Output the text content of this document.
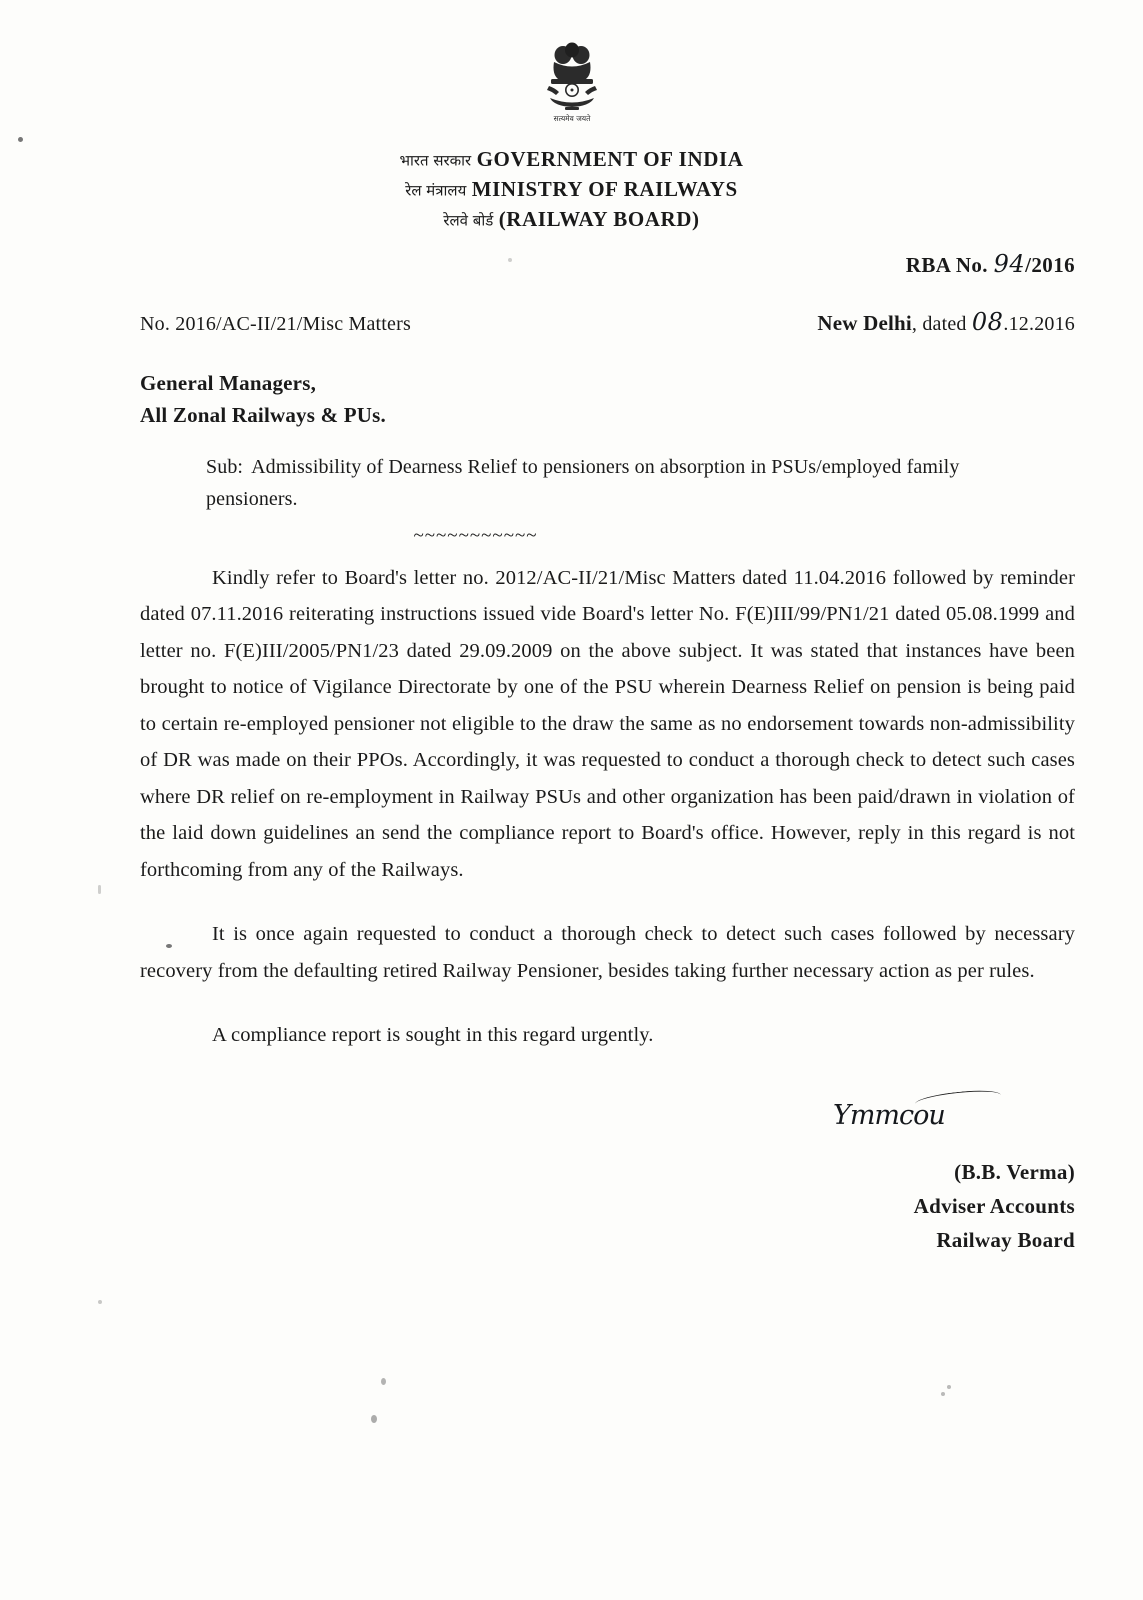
सत्यमेव जयते
भारत सरकार GOVERNMENT OF INDIA
रेल मंत्रालय MINISTRY OF RAILWAYS
रेलवे बोर्ड (RAILWAY BOARD)
RBA No. 94/2016
No. 2016/AC-II/21/Misc Matters	New Delhi, dated 08.12.2016
General Managers,
All Zonal Railways & PUs.
Sub: Admissibility of Dearness Relief to pensioners on absorption in PSUs/employed family pensioners.
~~~~~~~~~~~

Kindly refer to Board's letter no. 2012/AC-II/21/Misc Matters dated 11.04.2016 followed by reminder dated 07.11.2016 reiterating instructions issued vide Board's letter No. F(E)III/99/PN1/21 dated 05.08.1999 and letter no. F(E)III/2005/PN1/23 dated 29.09.2009 on the above subject. It was stated that instances have been brought to notice of Vigilance Directorate by one of the PSU wherein Dearness Relief on pension is being paid to certain re-employed pensioner not eligible to the draw the same as no endorsement towards non-admissibility of DR was made on their PPOs. Accordingly, it was requested to conduct a thorough check to detect such cases where DR relief on re-employment in Railway PSUs and other organization has been paid/drawn in violation of the laid down guidelines an send the compliance report to Board's office. However, reply in this regard is not forthcoming from any of the Railways.

It is once again requested to conduct a thorough check to detect such cases followed by necessary recovery from the defaulting retired Railway Pensioner, besides taking further necessary action as per rules.

A compliance report is sought in this regard urgently.

Ymmcou
(B.B. Verma)
Adviser Accounts
Railway Board
